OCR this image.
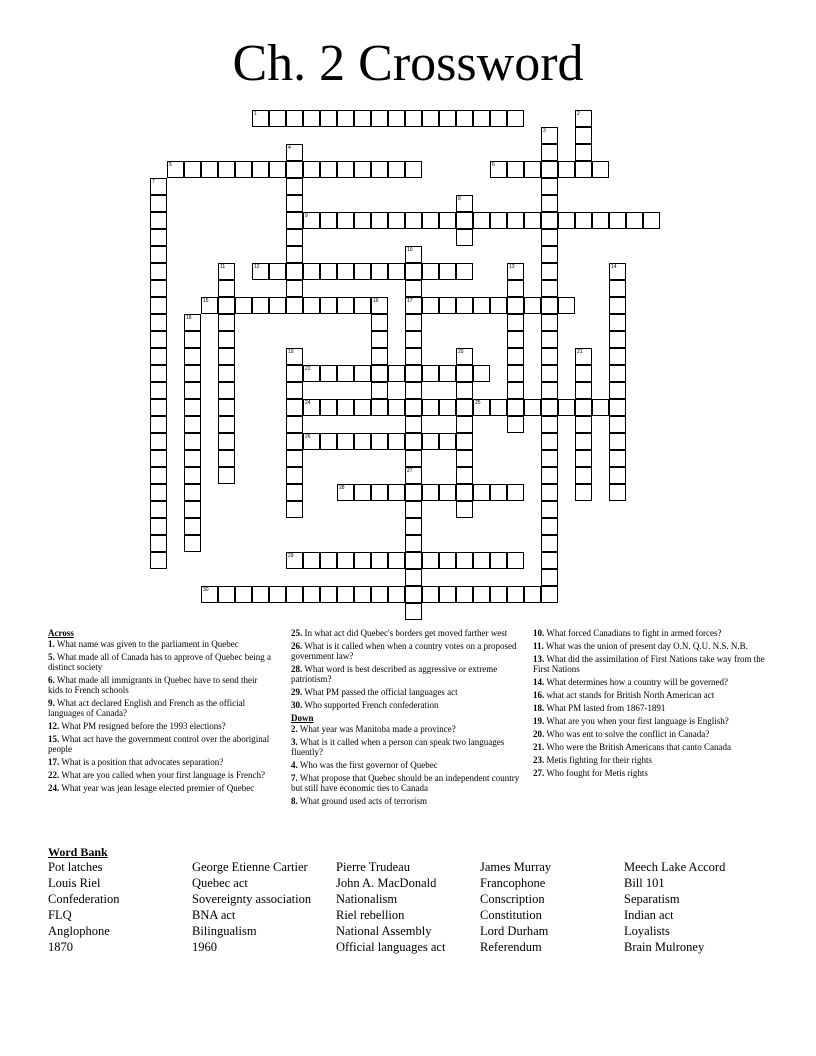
Ch. 2 Crossword
1
5	6
9
12
15	17
22
24	25
26
28
29
30
2
3
4
7
8
10
27
11	13	14
16
18
19	20	21
Across
1. What name was given to the parliament in Quebec
5. What made all of Canada has to approve of Quebec being a distinct society
6. What made all immigrants in Quebec have to send their kids to French schools
9. What act declared English and French as the official languages of Canada?
12. What PM resigned before the 1993 elections?
15. What act have the government control over the aboriginal people
17. What is a position that advocates separation?
22. What are you called when your first language is French?
24. What year was jean lesage elected premier of Quebec
25. In what act did Quebec's borders get moved farther west
26. What is it called when when a country votes on a proposed government law?
28. What word is best described as aggressive or extreme patriotism?
29. What PM passed the official languages act
30. Who supported French confederation
Down
2. What year was Manitoba made a province?
3. What is it called when a person can speak two languages fluently?
4. Who was the first governor of Quebec
7. What propose that Quebec should be an independent country but still have economic ties to Canada
8. What ground used acts of terrorism
10. What forced Canadians to fight in armed forces?
11. What was the union of present day O.N. Q.U. N.S. N.B.
13. What did the assimilation of First Nations take way from the First Nations
14. What determines how a country will be governed?
16. what act stands for British North American act
18. What PM lasted from 1867-1891
19. What are you when your first language is English?
20. Who was ent to solve the conflict in Canada?
21. Who were the British Americans that canto Canada
23. Metis fighting for their rights
27. Who fought for Metis rights
Word Bank
Pot latches	George Etienne Cartier	Pierre Trudeau	James Murray	Meech Lake Accord
Louis Riel	Quebec act	John A. MacDonald	Francophone	Bill 101
Confederation	Sovereignty association	Nationalism	Conscription	Separatism
FLQ	BNA act	Riel rebellion	Constitution	Indian act
Anglophone	Bilingualism	National Assembly	Lord Durham	Loyalists
1870	1960	Official languages act	Referendum	Brain Mulroney
